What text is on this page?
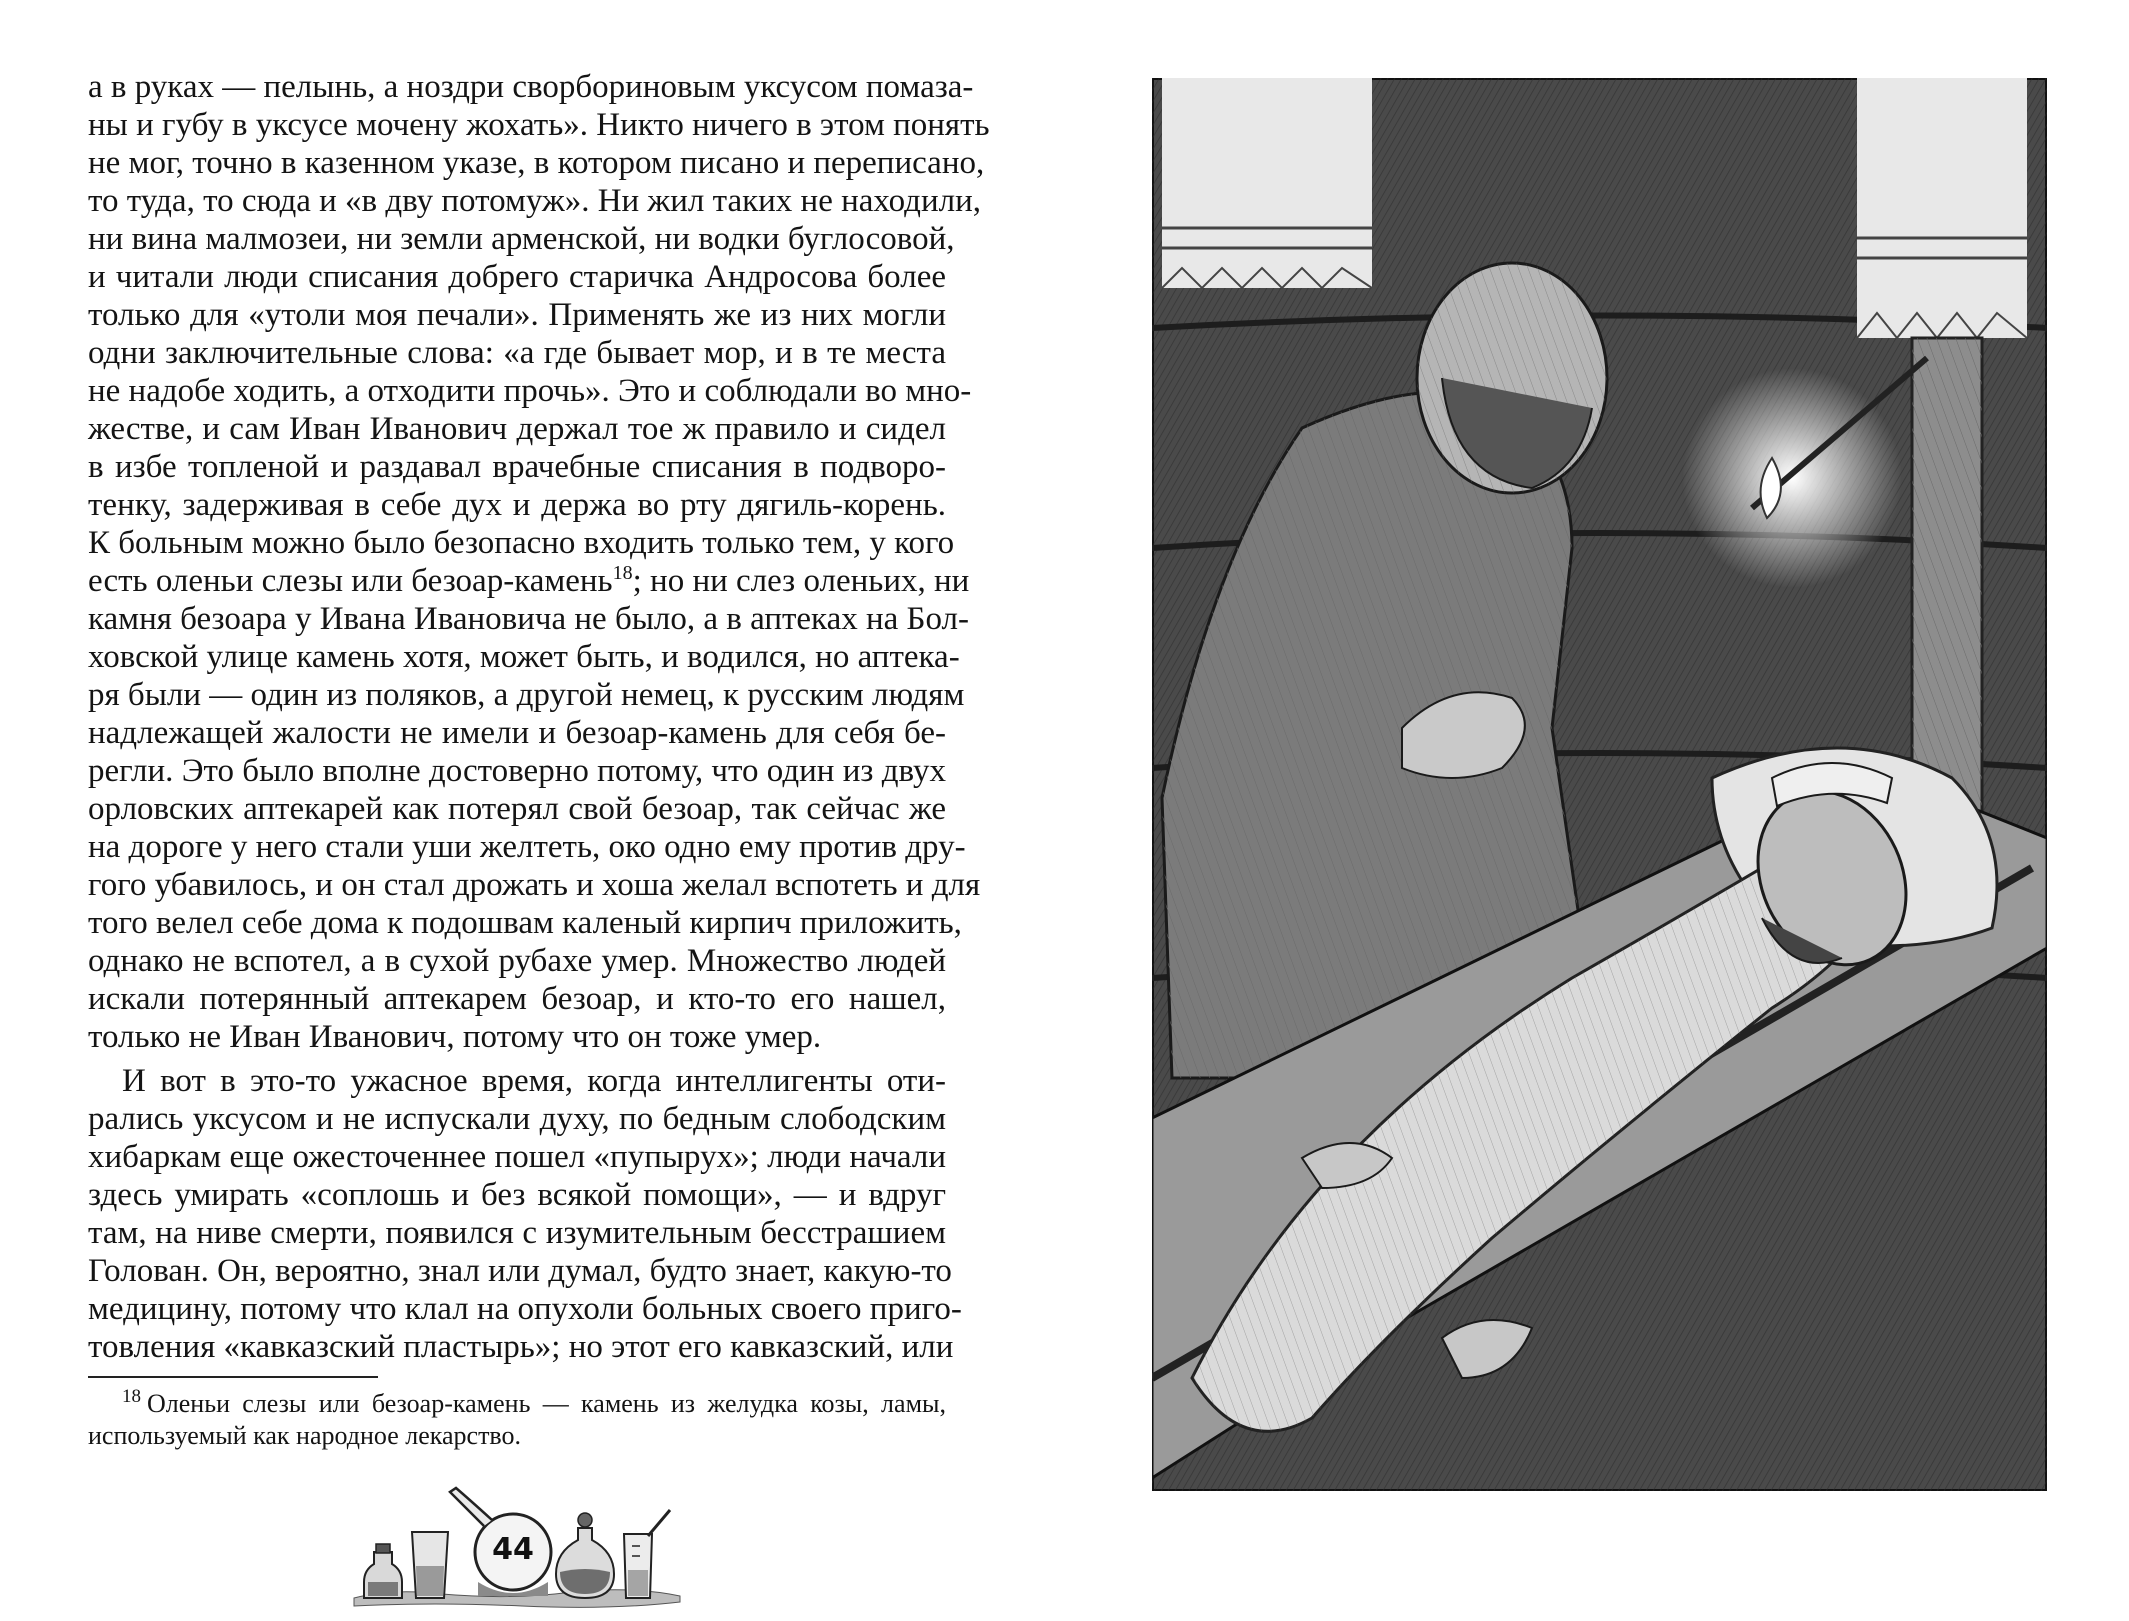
а в руках — пелынь, а ноздри сворбориновым уксусом помаза-
ны и губу в уксусе мочену жохать». Никто ничего в этом понять
не мог, точно в казенном указе, в котором писано и переписано,
то туда, то сюда и «в дву потомуж». Ни жил таких не находили,
ни вина малмозеи, ни земли арменской, ни водки буглосовой,
и читали люди списания добрего старичка Андросова более
только для «утоли моя печали». Применять же из них могли
одни заключительные слова: «а где бывает мор, и в те места
не надобе ходить, а отходити прочь». Это и соблюдали во мно-
жестве, и сам Иван Иванович держал тое ж правило и сидел
в избе топленой и раздавал врачебные списания в подворо-
тенку, задерживая в себе дух и держа во рту дягиль-корень.
К больным можно было безопасно входить только тем, у кого
есть оленьи слезы или безоар-камень$^{18}$; но ни слез оленьих, ни
камня безоара у Ивана Ивановича не было, а в аптеках на Бол-
ховской улице камень хотя, может быть, и водился, но аптека-
ря были — один из поляков, а другой немец, к русским людям
надлежащей жалости не имели и безоар-камень для себя бе-
регли. Это было вполне достоверно потому, что один из двух
орловских аптекарей как потерял свой безоар, так сейчас же
на дороге у него стали уши желтеть, око одно ему против дру-
гого убавилось, и он стал дрожать и хоша желал вспотеть и для
того велел себе дома к подошвам каленый кирпич приложить,
однако не вспотел, а в сухой рубахе умер. Множество людей
искали потерянный аптекарем безоар, и кто-то его нашел,
только не Иван Иванович, потому что он тоже умер.
И вот в это-то ужасное время, когда интеллигенты оти-
рались уксусом и не испускали духу, по бедным слободским
хибаркам еще ожесточеннее пошел «пупырух»; люди начали
здесь умирать «соплошь и без всякой помощи», — и вдруг
там, на ниве смерти, появился с изумительным бесстрашием
Голован. Он, вероятно, знал или думал, будто знает, какую-то
медицину, потому что клал на опухоли больных своего приго-
товления «кавказский пластырь»; но этот его кавказский, или
$^{18}$ Оленьи слезы или безоар-камень — камень из желудка козы, ламы,
используемый как народное лекарство.
44
